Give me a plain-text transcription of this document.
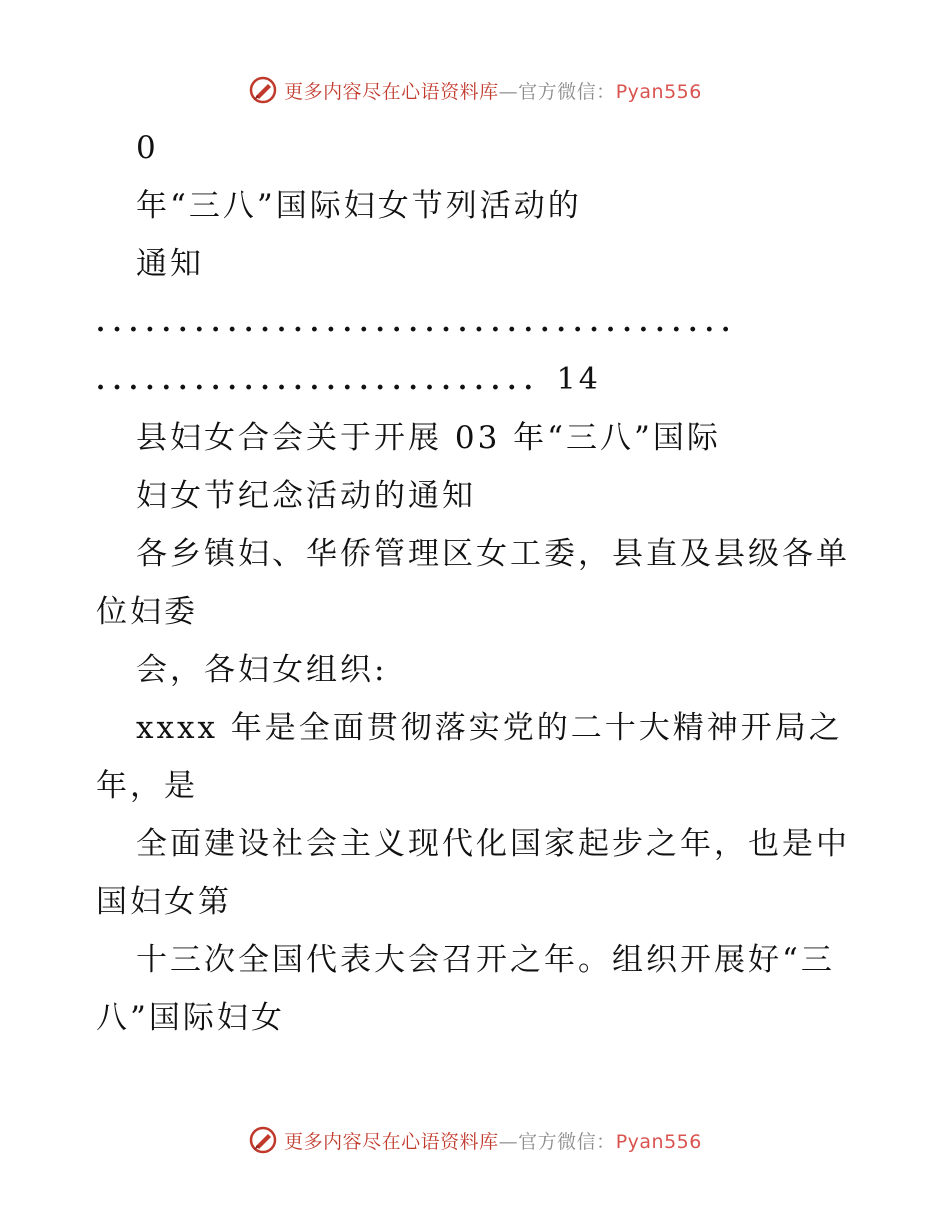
更多内容尽在心语资料库—官方微信：Pyan556
0
年“三八”国际妇女节列活动的
通知
.......................................
........................... 14
县妇女合会关于开展 03 年“三八”国际
妇女节纪念活动的通知
各乡镇妇、华侨管理区女工委，县直及县级各单
位妇委
会，各妇女组织:
xxxx 年是全面贯彻落实党的二十大精神开局之
年，是
全面建设社会主义现代化国家起步之年，也是中
国妇女第
十三次全国代表大会召开之年。组织开展好“三
八”国际妇女
更多内容尽在心语资料库—官方微信：Pyan556
